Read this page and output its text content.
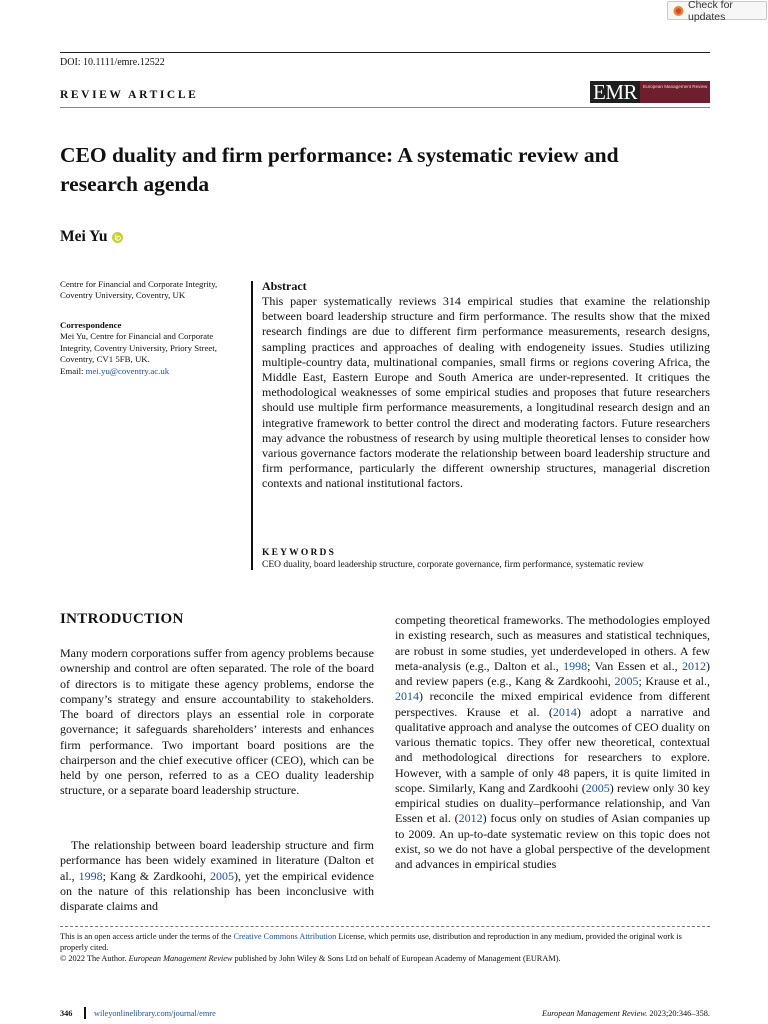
Check for updates
DOI: 10.1111/emre.12522
REVIEW ARTICLE	EMR	European Management Review
CEO duality and firm performance: A systematic review and research agenda
Mei Yu
Centre for Financial and Corporate Integrity, Coventry University, Coventry, UK
Correspondence
Mei Yu, Centre for Financial and Corporate Integrity, Coventry University, Priory Street, Coventry, CV1 5FB, UK.
Email: mei.yu@coventry.ac.uk
Abstract

This paper systematically reviews 314 empirical studies that examine the relationship between board leadership structure and firm performance. The results show that the mixed research findings are due to different firm performance measurements, research designs, sampling practices and approaches of dealing with endogeneity issues. Studies utilizing multiple-country data, multinational companies, small firms or regions covering Africa, the Middle East, Eastern Europe and South America are under-represented. It critiques the methodological weaknesses of some empirical studies and proposes that future researchers should use multiple firm performance measurements, a longitudinal research design and an integrative framework to better control the direct and moderating factors. Future researchers may advance the robustness of research by using multiple theoretical lenses to consider how various governance factors moderate the relationship between board leadership structure and firm performance, particularly the different ownership structures, managerial discretion contexts and national institutional factors.

KEYWORDS
CEO duality, board leadership structure, corporate governance, firm performance, systematic review
INTRODUCTION

Many modern corporations suffer from agency problems because ownership and control are often separated. The role of the board of directors is to mitigate these agency problems, endorse the company’s strategy and ensure accountability to stakeholders. The board of directors plays an essential role in corporate governance; it safeguards shareholders’ interests and enhances firm performance. Two important board positions are the chairperson and the chief executive officer (CEO), which can be held by one person, referred to as a CEO duality leadership structure, or a separate board leadership structure.

The relationship between board leadership structure and firm performance has been widely examined in literature (Dalton et al., 1998; Kang & Zardkoohi, 2005), yet the empirical evidence on the nature of this relationship has been inconclusive with disparate claims and

competing theoretical frameworks. The methodologies employed in existing research, such as measures and statistical techniques, are robust in some studies, yet underdeveloped in others. A few meta-analysis (e.g., Dalton et al., 1998; Van Essen et al., 2012) and review papers (e.g., Kang & Zardkoohi, 2005; Krause et al., 2014) reconcile the mixed empirical evidence from different perspectives. Krause et al. (2014) adopt a narrative and qualitative approach and analyse the outcomes of CEO duality on various thematic topics. They offer new theoretical, contextual and methodological directions for researchers to explore. However, with a sample of only 48 papers, it is quite limited in scope. Similarly, Kang and Zardkoohi (2005) review only 30 key empirical studies on duality–performance relationship, and Van Essen et al. (2012) focus only on studies of Asian companies up to 2009. An up-to-date systematic review on this topic does not exist, so we do not have a global perspective of the development and advances in empirical studies

This is an open access article under the terms of the Creative Commons Attribution License, which permits use, distribution and reproduction in any medium, provided the original work is properly cited.
© 2022 The Author. European Management Review published by John Wiley & Sons Ltd on behalf of European Academy of Management (EURAM).
346	wileyonlinelibrary.com/journal/emre	European Management Review. 2023;20:346–358.
